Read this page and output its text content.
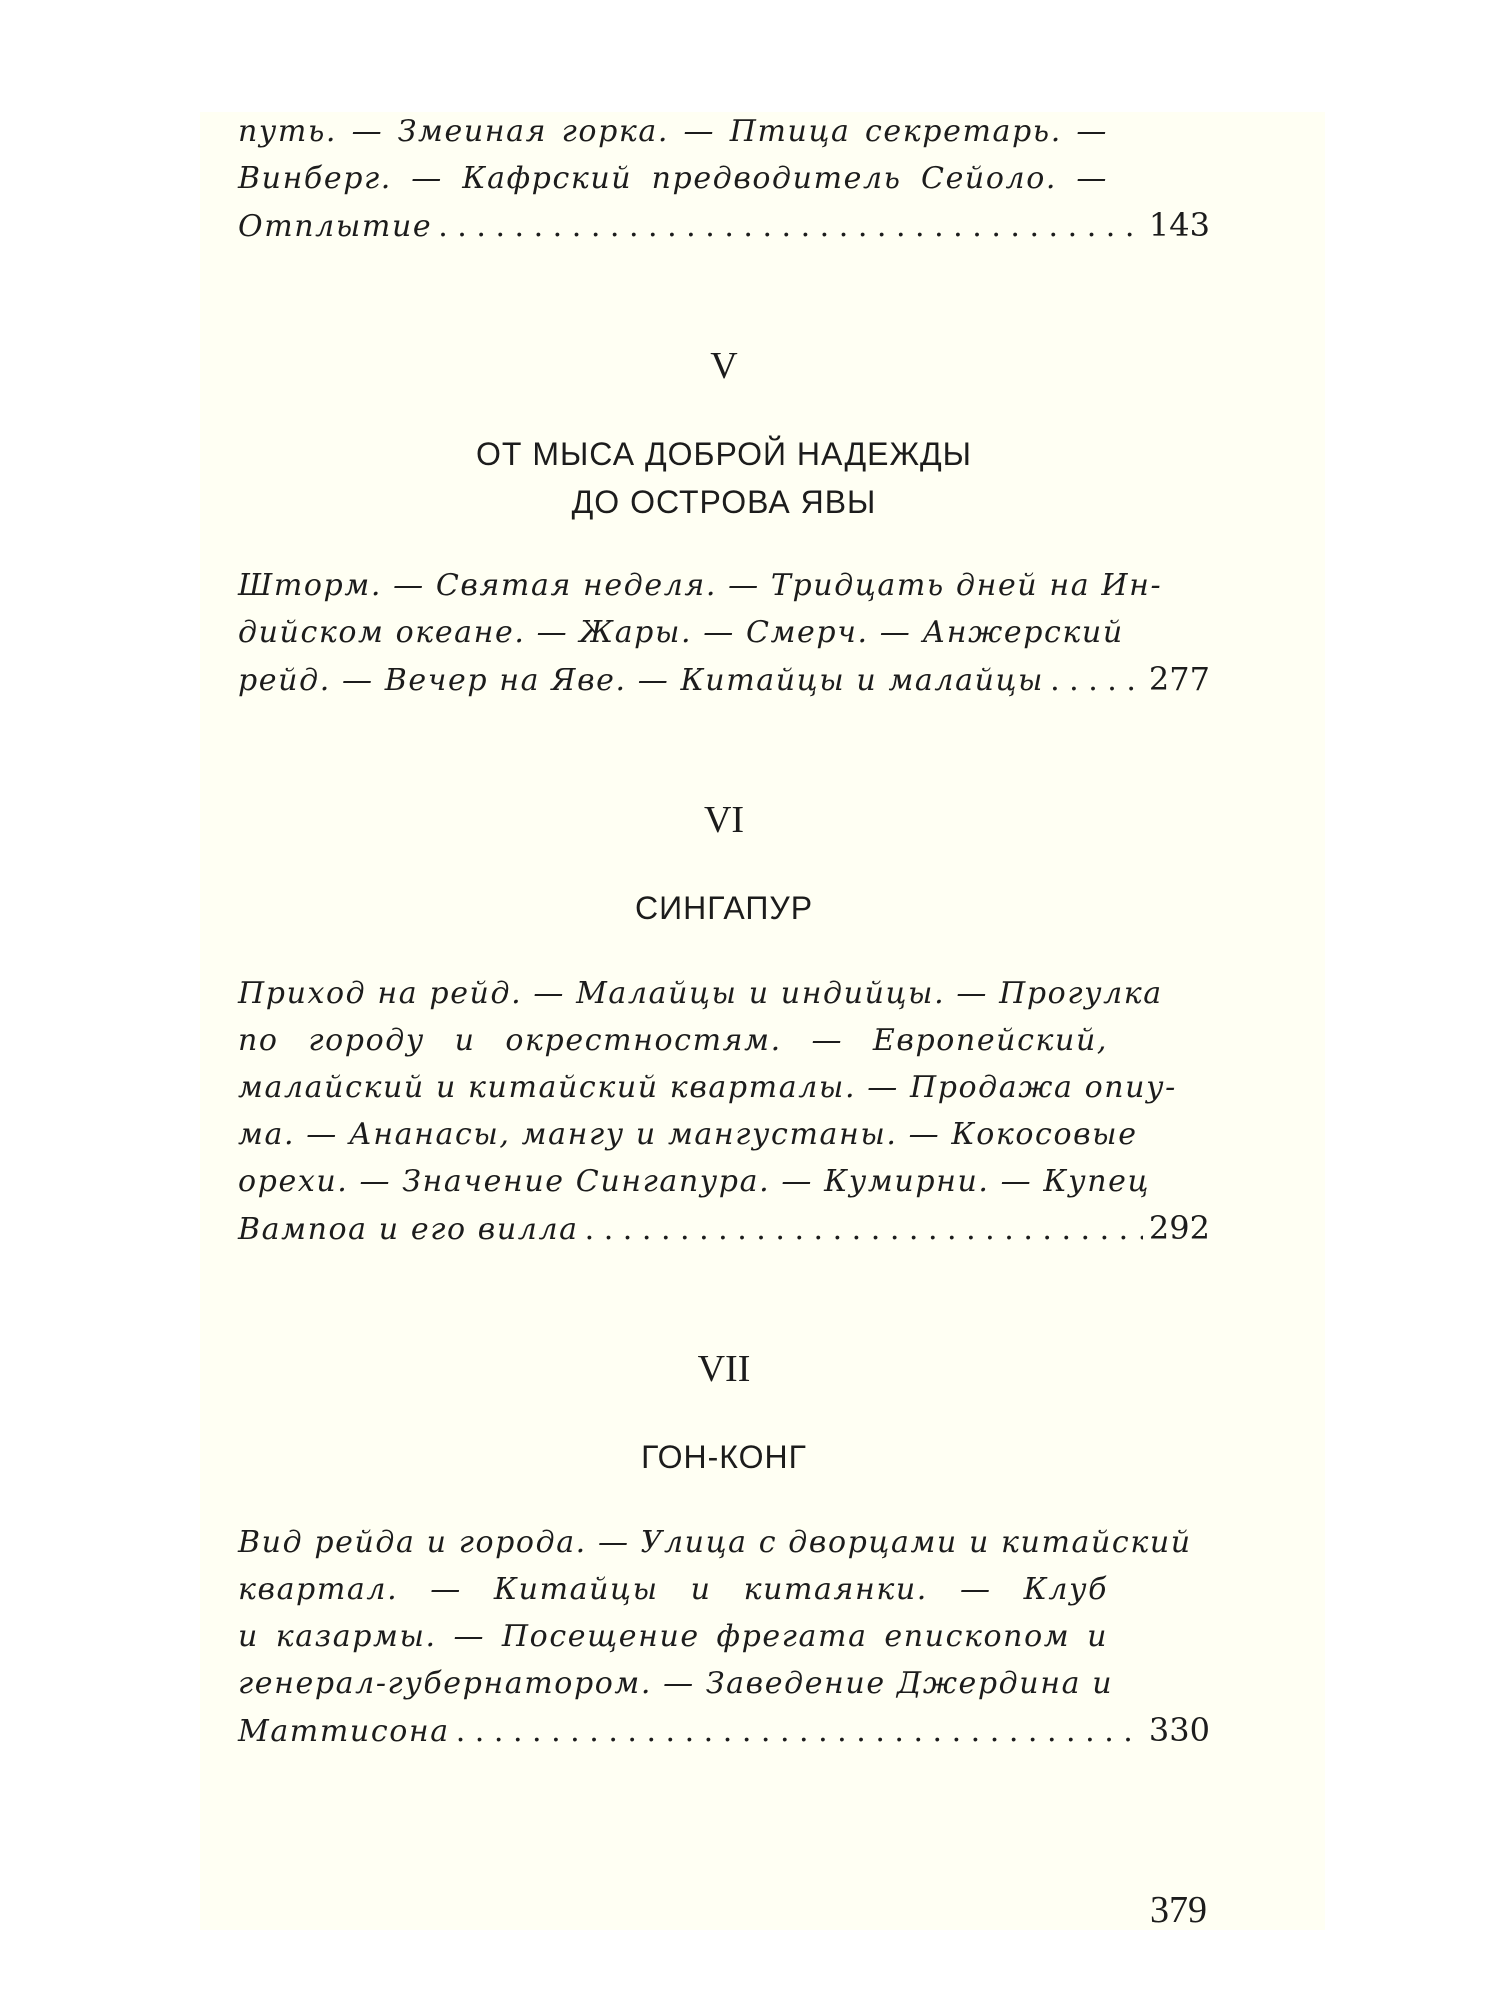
путь. — Змеиная горка. — Птица секретарь. —
Винберг. — Кафрский предводитель Сейоло. —
Отплытие . . .	143
V
ОТ МЫСА ДОБРОЙ НАДЕЖДЫ
ДО ОСТРОВА ЯВЫ
Шторм. — Святая неделя. — Тридцать дней на Ин-
дийском океане. — Жары. — Смерч. — Анжерский
рейд. — Вечер на Яве. — Китайцы и малайцы . . .	277
VI
СИНГАПУР
Приход на рейд. — Малайцы и индийцы. — Прогулка
по городу и окрестностям. — Европейский,
малайский и китайский кварталы. — Продажа опиу-
ма. — Ананасы, мангу и мангустаны. — Кокосовые
орехи. — Значение Сингапура. — Кумирни. — Купец
Вампоа и его вилла . . .	292
VII
ГОН-КОНГ
Вид рейда и города. — Улица с дворцами и китайский
квартал. — Китайцы и китаянки. — Клуб
и казармы. — Посещение фрегата епископом и
генерал-губернатором. — Заведение Джердина и
Маттисона . . .	330
379
